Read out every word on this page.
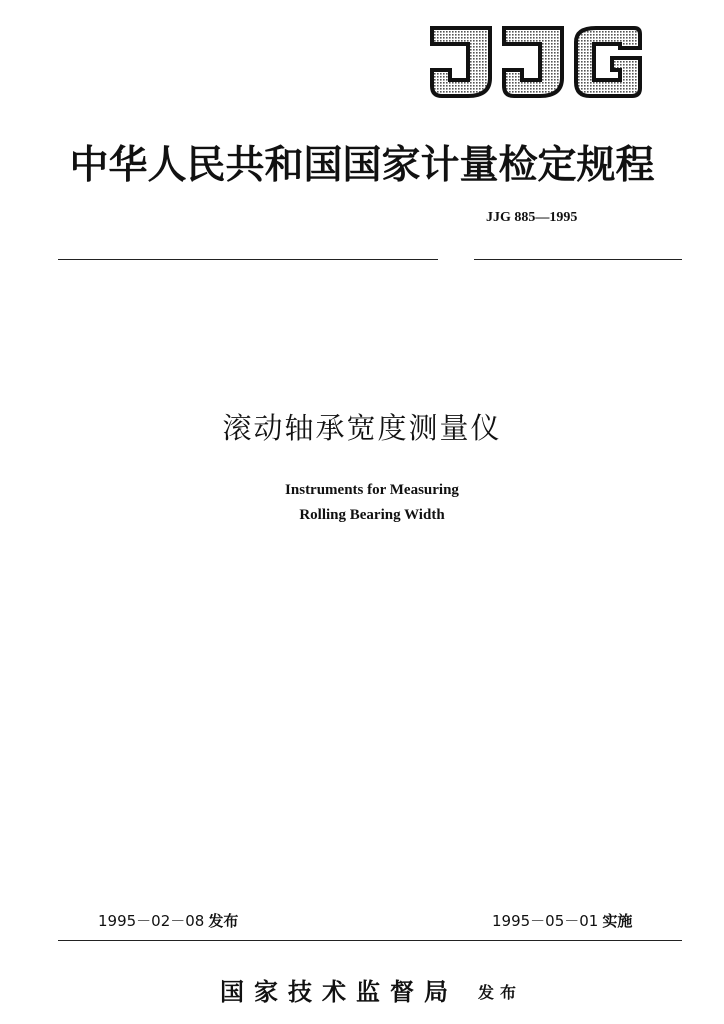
中华人民共和国国家计量检定规程
JJG 885—1995
滚动轴承宽度测量仪
Instruments for Measuring
Rolling Bearing Width
1995－02－08 发布	1995－05－01 实施
国家技术监督局 发布
